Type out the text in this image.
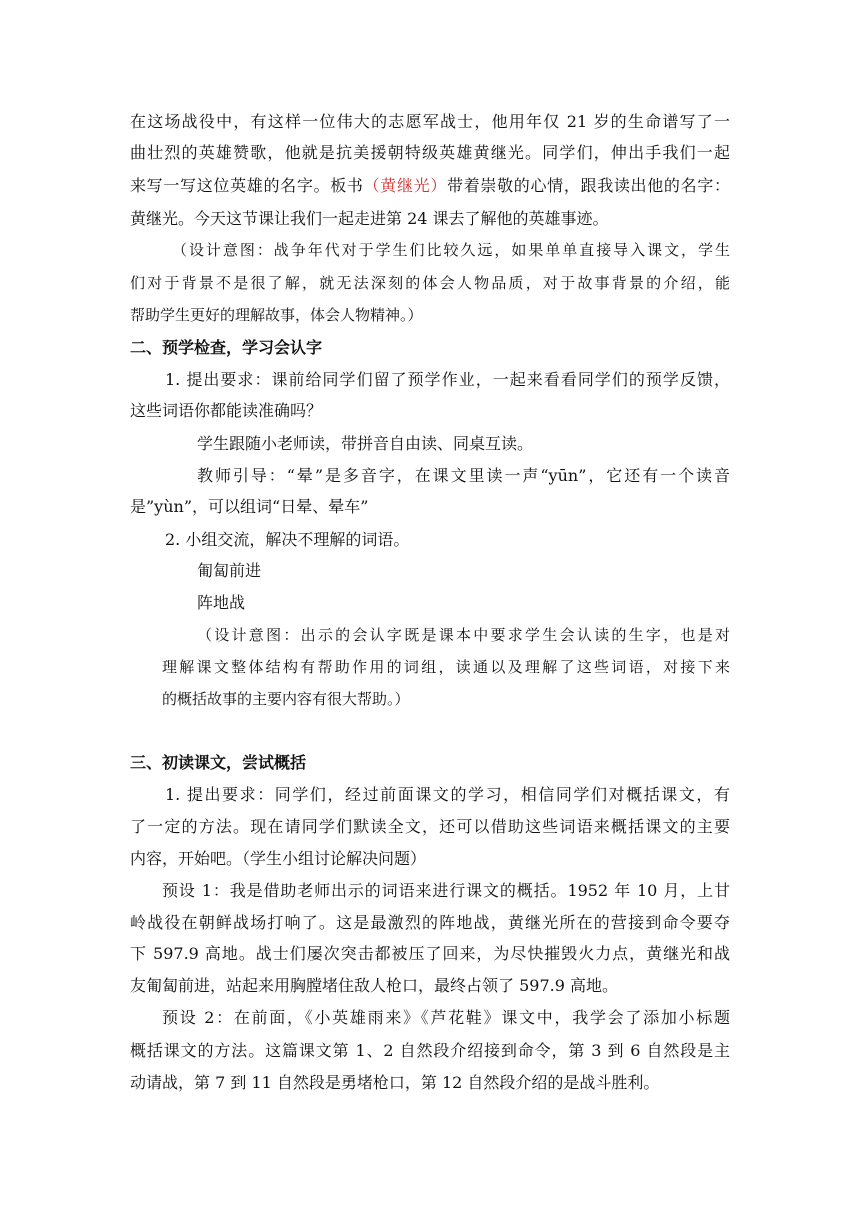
在这场战役中，有这样一位伟大的志愿军战士，他用年仅 21 岁的生命谱写了一
曲壮烈的英雄赞歌，他就是抗美援朝特级英雄黄继光。同学们，伸出手我们一起
来写一写这位英雄的名字。板书（黄继光）带着崇敬的心情，跟我读出他的名字：
黄继光。今天这节课让我们一起走进第 24 课去了解他的英雄事迹。
（设计意图：战争年代对于学生们比较久远，如果单单直接导入课文，学生
们对于背景不是很了解，就无法深刻的体会人物品质，对于故事背景的介绍，能
帮助学生更好的理解故事，体会人物精神。）
二、预学检查，学习会认字
1. 提出要求：课前给同学们留了预学作业，一起来看看同学们的预学反馈，
这些词语你都能读准确吗？
学生跟随小老师读，带拼音自由读、同桌互读。
教师引导：“晕”是多音字，在课文里读一声“yūn”，它还有一个读音
是”yùn”，可以组词“日晕、晕车”
2. 小组交流，解决不理解的词语。
匍匐前进
阵地战
（设计意图：出示的会认字既是课本中要求学生会认读的生字，也是对
理解课文整体结构有帮助作用的词组，读通以及理解了这些词语，对接下来
的概括故事的主要内容有很大帮助。）
三、初读课文，尝试概括
1. 提出要求：同学们，经过前面课文的学习，相信同学们对概括课文，有
了一定的方法。现在请同学们默读全文，还可以借助这些词语来概括课文的主要
内容，开始吧。（学生小组讨论解决问题）
预设 1：我是借助老师出示的词语来进行课文的概括。1952 年 10 月，上甘
岭战役在朝鲜战场打响了。这是最激烈的阵地战，黄继光所在的营接到命令要夺
下 597.9 高地。战士们屡次突击都被压了回来，为尽快摧毁火力点，黄继光和战
友匍匐前进，站起来用胸膛堵住敌人枪口，最终占领了 597.9 高地。
预设 2：在前面，《小英雄雨来》《芦花鞋》课文中，我学会了添加小标题
概括课文的方法。这篇课文第 1、2 自然段介绍接到命令，第 3 到 6 自然段是主
动请战，第 7 到 11 自然段是勇堵枪口，第 12 自然段介绍的是战斗胜利。
